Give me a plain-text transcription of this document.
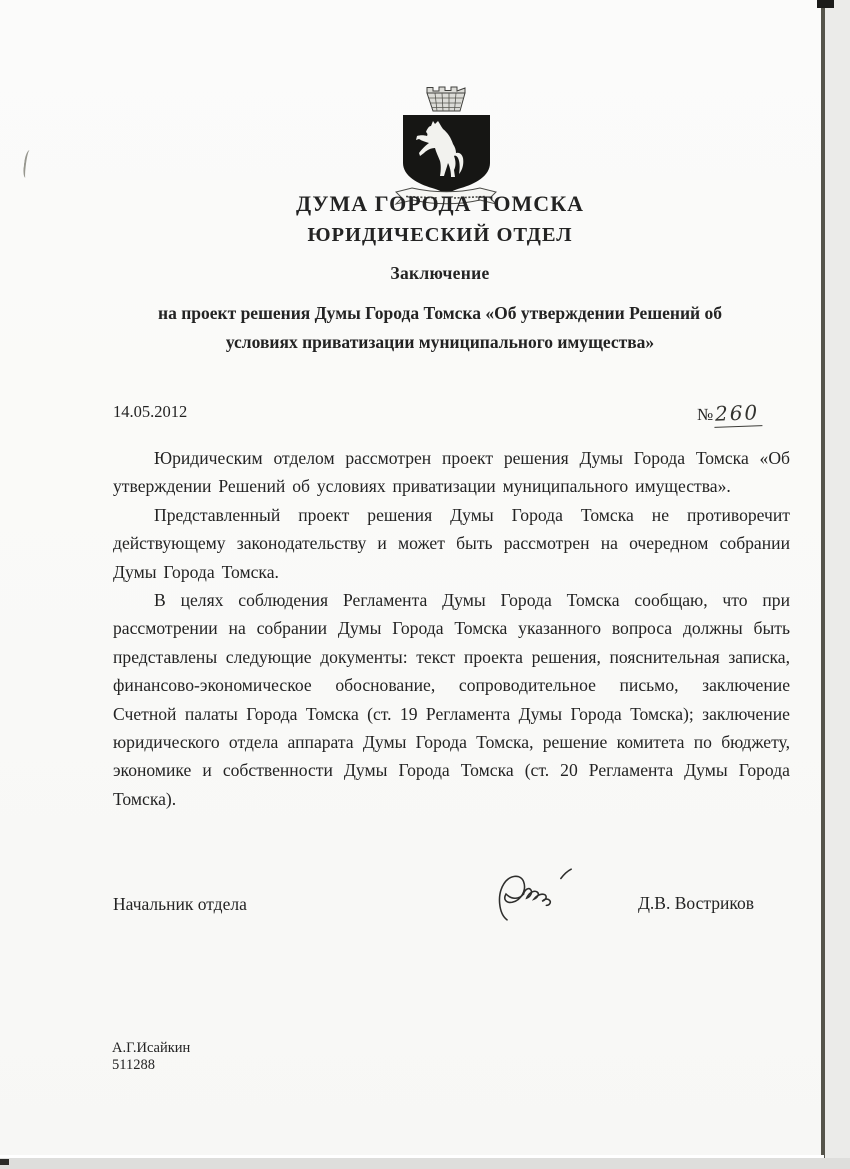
ДУМА ГОРОДА ТОМСКА
ЮРИДИЧЕСКИЙ ОТДЕЛ
Заключение
на проект решения Думы Города Томска «Об утверждении Решений об условиях приватизации муниципального имущества»
14.05.2012	№260

Юридическим отделом рассмотрен проект решения Думы Города Томска «Об утверждении Решений об условиях приватизации муниципального имущества».

Представленный проект решения Думы Города Томска не противоречит действующему законодательству и может быть рассмотрен на очередном собрании Думы Города Томска.

В целях соблюдения Регламента Думы Города Томска сообщаю, что при рассмотрении на собрании Думы Города Томска указанного вопроса должны быть представлены следующие документы: текст проекта решения, пояснительная записка, финансово-экономическое обоснование, сопроводительное письмо, заключение Счетной палаты Города Томска (ст. 19 Регламента Думы Города Томска); заключение юридического отдела аппарата Думы Города Томска, решение комитета по бюджету, экономике и собственности Думы Города Томска (ст. 20 Регламента Думы Города Томска).

Начальник отдела	Д.В. Востриков
А.Г.Исайкин
511288
